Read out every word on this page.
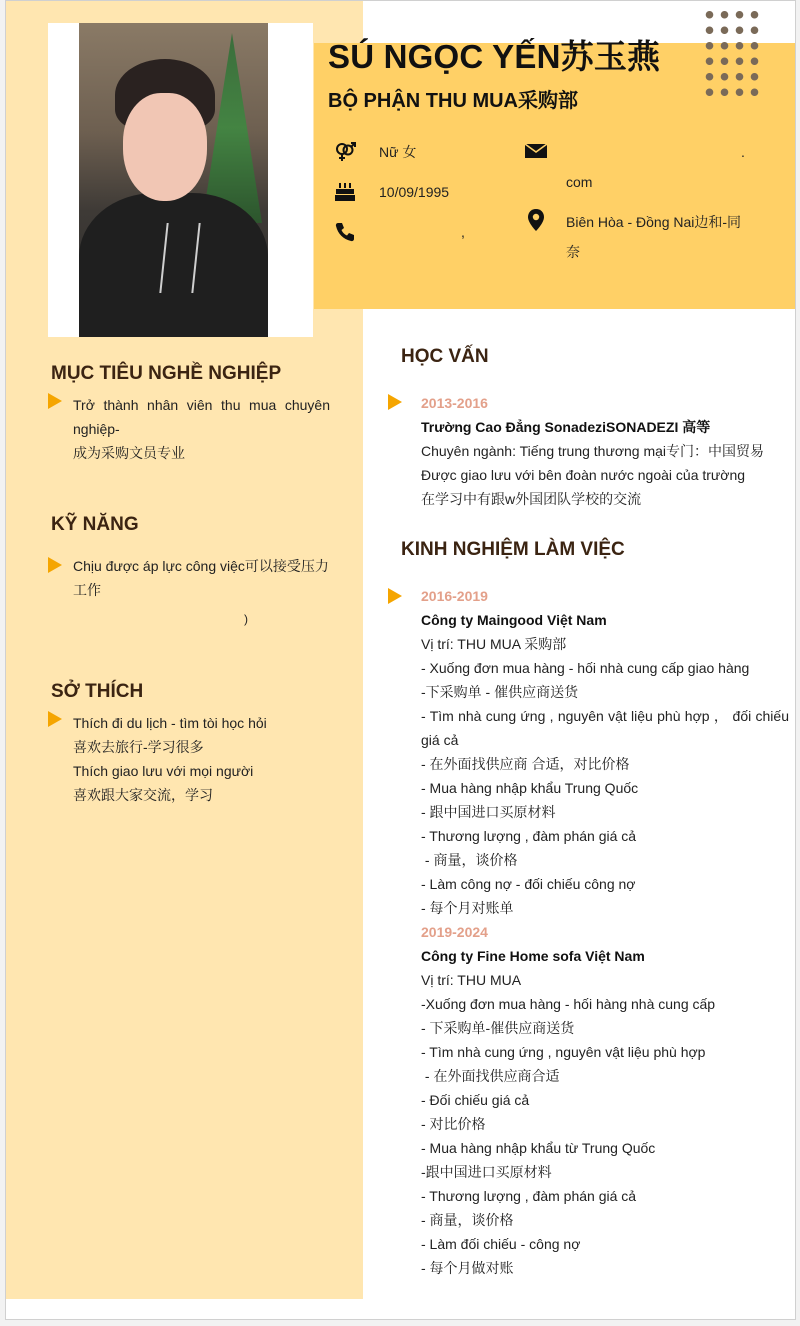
SÚ NGỌC YẾN苏玉燕
BỘ PHẬN THU MUA采购部
Nữ 女
10/09/1995
,
.
com
Biên Hòa - Đồng Nai边和-同
奈
MỤC TIÊU NGHỀ NGHIỆP
Trở thành nhân viên thu mua chuyên nghiệp-
成为采购文员专业
KỸ NĂNG
Chịu được áp lực công việc可以接受压力
工作
)
SỞ THÍCH
Thích đi du lịch - tìm tòi học hỏi
喜欢去旅行-学习很多
Thích giao lưu với mọi người
喜欢跟大家交流，学习
HỌC VẤN
2013-2016
Trường Cao Đẳng SonadeziSONADEZI 高等
Chuyên ngành: Tiếng trung thương mại专门：中国贸易
Được giao lưu với bên đoàn nước ngoài của trường
在学习中有跟w外国团队学校的交流
KINH NGHIỆM LÀM VIỆC
2016-2019
Công ty Maingood Việt Nam
Vị trí: THU MUA 采购部
- Xuống đơn mua hàng - hối nhà cung cấp giao hàng
-下采购单 - 催供应商送货
- Tìm nhà cung ứng , nguyên vật liệu phù hợp ， đối chiếu giá cả
- 在外面找供应商 合适，对比价格
- Mua hàng nhập khẩu Trung Quốc
- 跟中国进口买原材料
- Thương lượng , đàm phán giá cả
- 商量，谈价格
- Làm công nợ - đối chiếu công nợ
- 每个月对账单
2019-2024
Công ty Fine Home sofa Việt Nam
Vị trí: THU MUA
-Xuống đơn mua hàng - hối hàng nhà cung cấp
- 下采购单-催供应商送货
- Tìm nhà cung ứng , nguyên vật liệu phù hợp
- 在外面找供应商合适
- Đối chiếu giá cả
- 对比价格
- Mua hàng nhập khẩu từ Trung Quốc
-跟中国进口买原材料
- Thương lượng , đàm phán giá cả
- 商量，谈价格
- Làm đối chiếu - công nợ
- 每个月做对账
